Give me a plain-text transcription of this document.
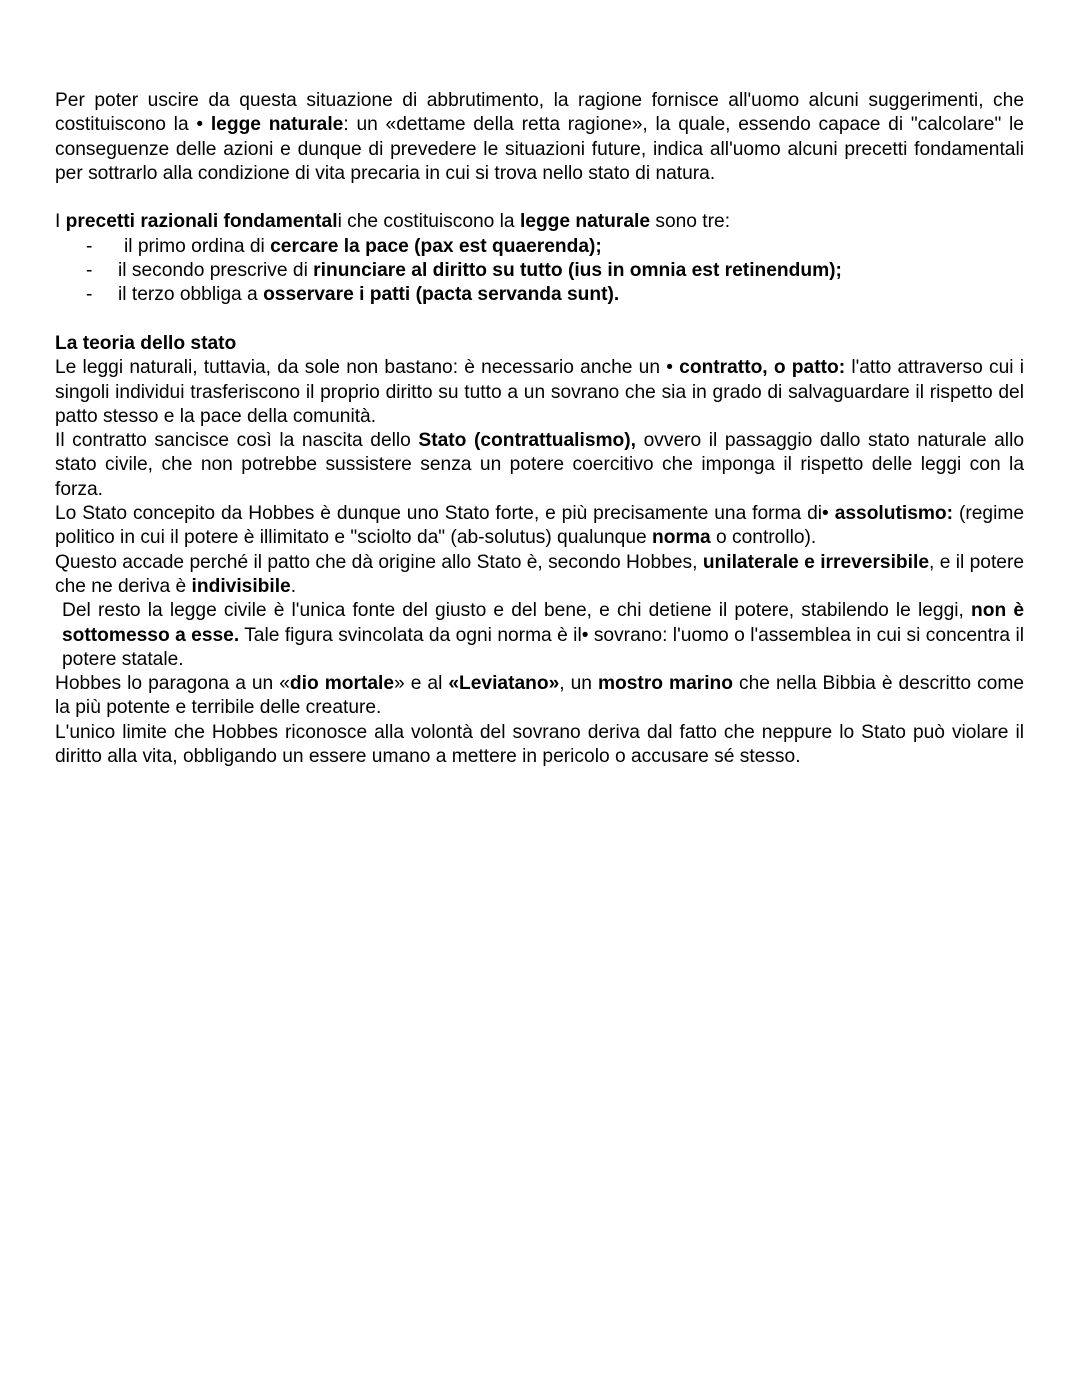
Per poter uscire da questa situazione di abbrutimento, la ragione fornisce all'uomo alcuni suggerimenti, che costituiscono la • legge naturale: un «dettame della retta ragione», la quale, essendo capace di "calcolare" le conseguenze delle azioni e dunque di prevedere le situazioni future, indica all'uomo alcuni precetti fondamentali per sottrarlo alla condizione di vita precaria in cui si trova nello stato di natura.

I precetti razionali fondamentali che costituiscono la legge naturale sono tre:

- il primo ordina di cercare la pace (pax est quaerenda);
- il secondo prescrive di rinunciare al diritto su tutto (ius in omnia est retinendum);
- il terzo obbliga a osservare i patti (pacta servanda sunt).

La teoria dello stato

Le leggi naturali, tuttavia, da sole non bastano: è necessario anche un • contratto, o patto: l'atto attraverso cui i singoli individui trasferiscono il proprio diritto su tutto a un sovrano che sia in grado di salvaguardare il rispetto del patto stesso e la pace della comunità.

Il contratto sancisce così la nascita dello Stato (contrattualismo), ovvero il passaggio dallo stato naturale allo stato civile, che non potrebbe sussistere senza un potere coercitivo che imponga il rispetto delle leggi con la forza.

Lo Stato concepito da Hobbes è dunque uno Stato forte, e più precisamente una forma di• assolutismo: (regime politico in cui il potere è illimitato e "sciolto da" (ab-solutus) qualunque norma o controllo).

Questo accade perché il patto che dà origine allo Stato è, secondo Hobbes, unilaterale e irreversibile, e il potere che ne deriva è indivisibile.

Del resto la legge civile è l'unica fonte del giusto e del bene, e chi detiene il potere, stabilendo le leggi, non è sottomesso a esse. Tale figura svincolata da ogni norma è il• sovrano: l'uomo o l'assemblea in cui si concentra il potere statale.

Hobbes lo paragona a un «dio mortale» e al «Leviatano», un mostro marino che nella Bibbia è descritto come la più potente e terribile delle creature.

L'unico limite che Hobbes riconosce alla volontà del sovrano deriva dal fatto che neppure lo Stato può violare il diritto alla vita, obbligando un essere umano a mettere in pericolo o accusare sé stesso.
